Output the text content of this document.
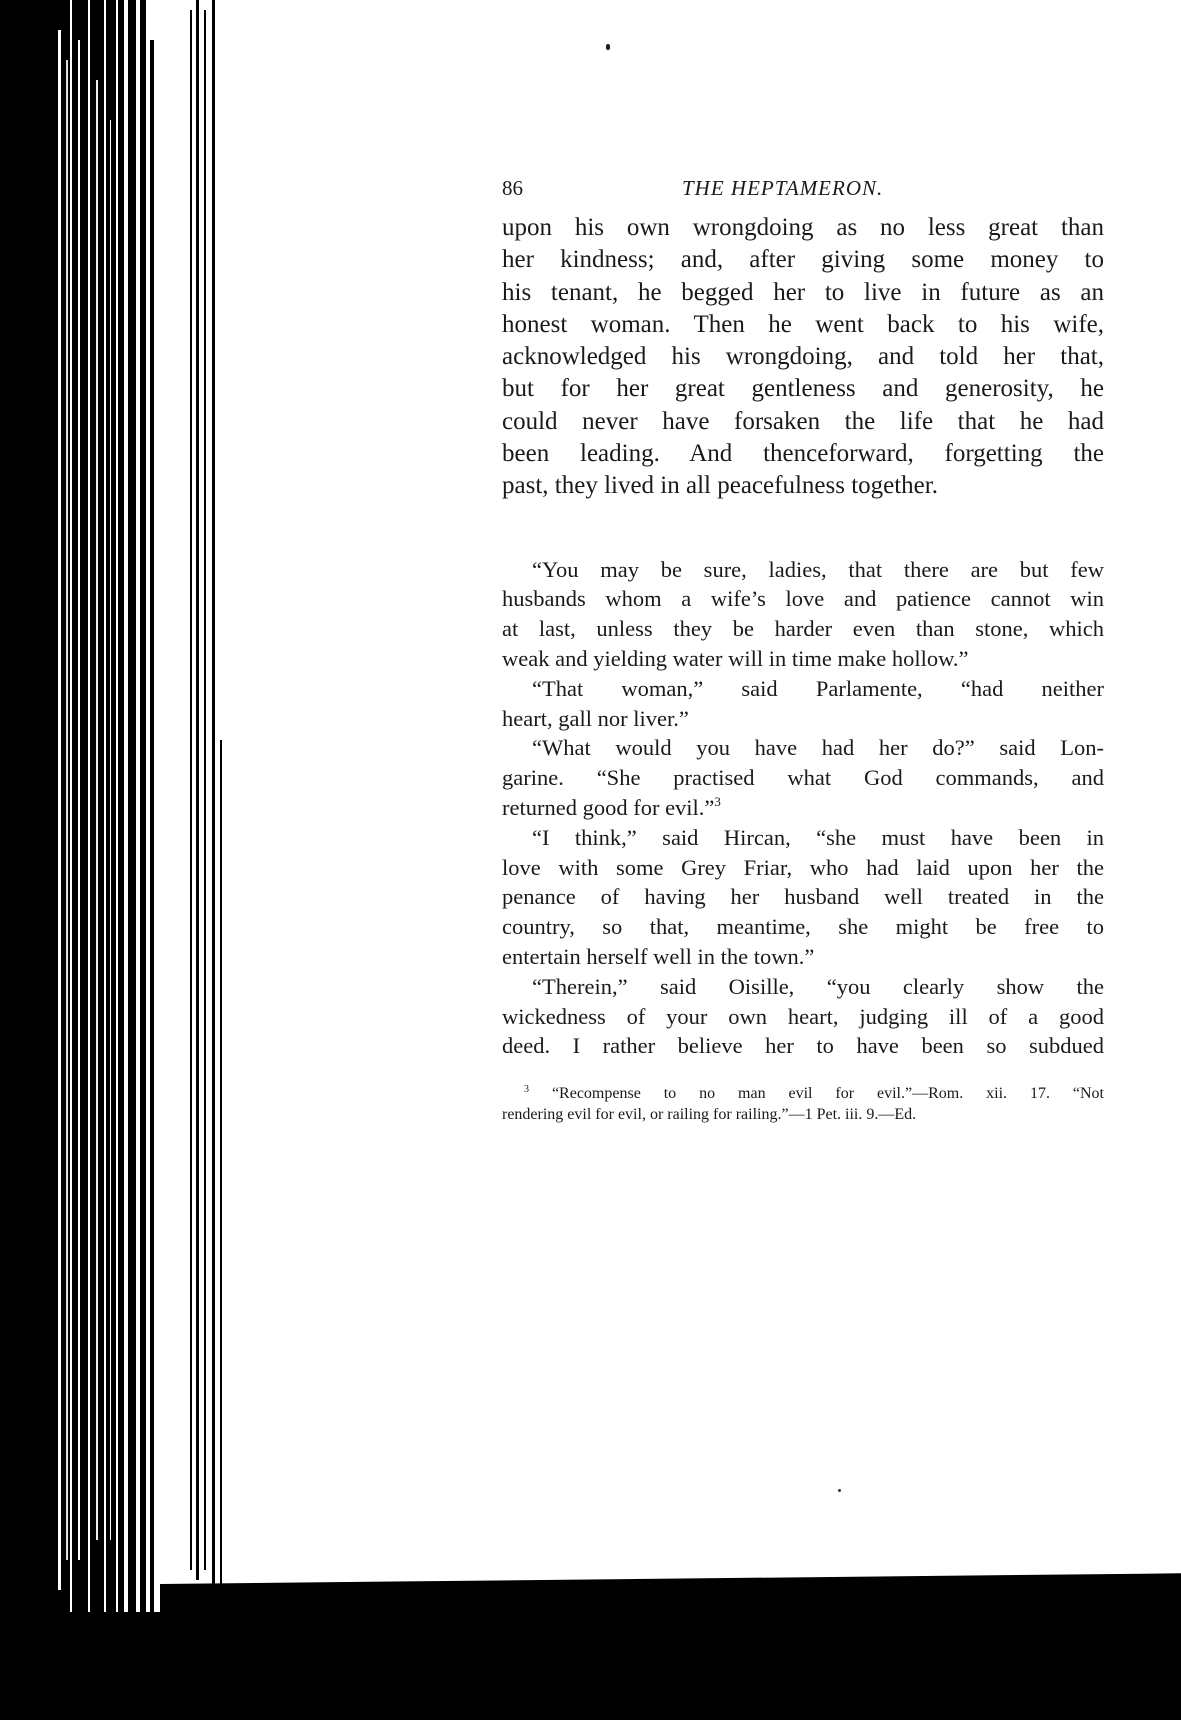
86	THE HEPTAMERON.
upon his own wrongdoing as no less great than
her kindness; and, after giving some money to
his tenant, he begged her to live in future as an
honest woman. Then he went back to his wife,
acknowledged his wrongdoing, and told her that,
but for her great gentleness and generosity, he
could never have forsaken the life that he had
been leading. And thenceforward, forgetting the
past, they lived in all peacefulness together.
“You may be sure, ladies, that there are but few
husbands whom a wife’s love and patience cannot win
at last, unless they be harder even than stone, which
weak and yielding water will in time make hollow.”
“That woman,” said Parlamente, “had neither
heart, gall nor liver.”
“What would you have had her do?” said Lon-
garine. “She practised what God commands, and
returned good for evil.”$^3$
“I think,” said Hircan, “she must have been in
love with some Grey Friar, who had laid upon her the
penance of having her husband well treated in the
country, so that, meantime, she might be free to
entertain herself well in the town.”
“Therein,” said Oisille, “you clearly show the
wickedness of your own heart, judging ill of a good
deed. I rather believe her to have been so subdued
$^3$ “Recompense to no man evil for evil.”—Rom. xii. 17. “Not
rendering evil for evil, or railing for railing.”—1 Pet. iii. 9.—Ed.
